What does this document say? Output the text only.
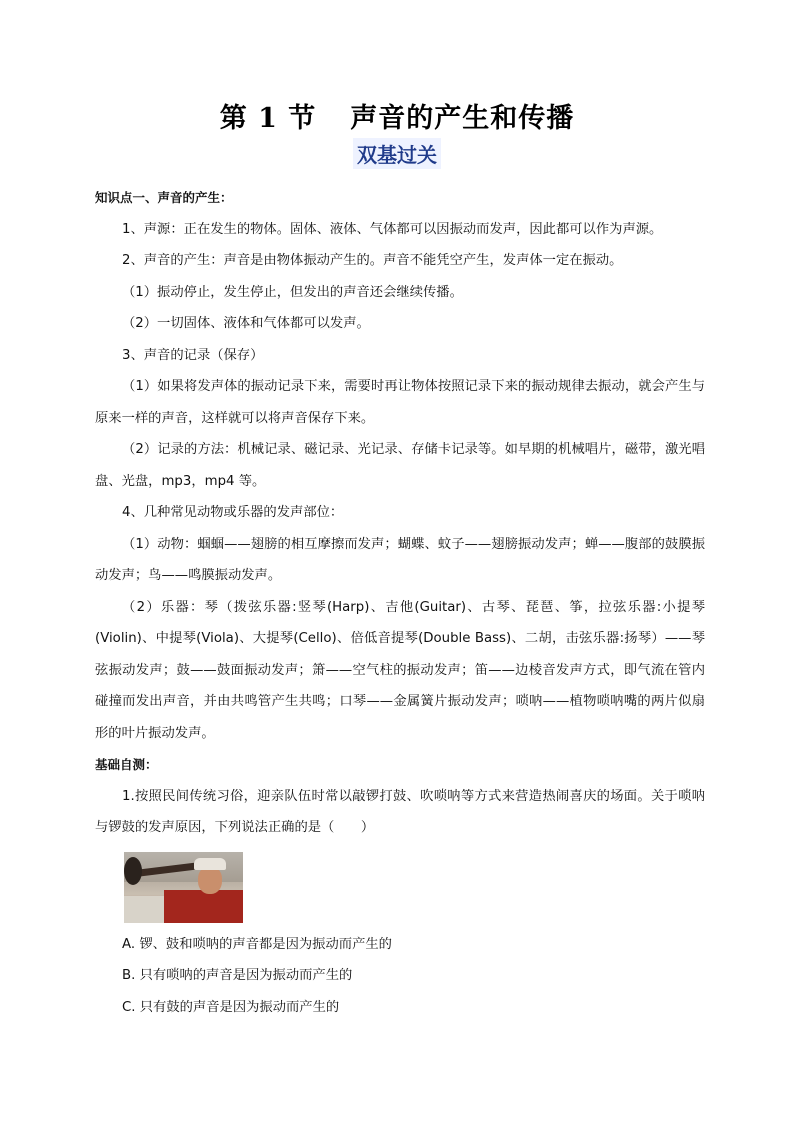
第 1 节 声音的产生和传播
双基过关

知识点一、声音的产生：

1、声源：正在发生的物体。固体、液体、气体都可以因振动而发声，因此都可以作为声源。

2、声音的产生：声音是由物体振动产生的。声音不能凭空产生，发声体一定在振动。

（1）振动停止，发生停止，但发出的声音还会继续传播。

（2）一切固体、液体和气体都可以发声。

3、声音的记录（保存）

（1）如果将发声体的振动记录下来，需要时再让物体按照记录下来的振动规律去振动，就会产生与原来一样的声音，这样就可以将声音保存下来。

（2）记录的方法：机械记录、磁记录、光记录、存储卡记录等。如早期的机械唱片，磁带，激光唱盘、光盘，mp3，mp4 等。

4、几种常见动物或乐器的发声部位：

（1）动物：蝈蝈——翅膀的相互摩擦而发声；蝴蝶、蚊子——翅膀振动发声；蝉——腹部的鼓膜振动发声；鸟——鸣膜振动发声。

（2）乐器：琴（拨弦乐器:竖琴(Harp)、吉他(Guitar)、古琴、琵琶、筝，拉弦乐器:小提琴(Violin)、中提琴(Viola)、大提琴(Cello)、倍低音提琴(Double Bass)、二胡，击弦乐器:扬琴）——琴弦振动发声；鼓——鼓面振动发声；箫——空气柱的振动发声；笛——边棱音发声方式，即气流在管内碰撞而发出声音，并由共鸣管产生共鸣；口琴——金属簧片振动发声；唢呐——植物唢呐嘴的两片似扇形的叶片振动发声。

基础自测：

1.按照民间传统习俗，迎亲队伍时常以敲锣打鼓、吹唢呐等方式来营造热闹喜庆的场面。关于唢呐与锣鼓的发声原因，下列说法正确的是（　　）

A. 锣、鼓和唢呐的声音都是因为振动而产生的

B. 只有唢呐的声音是因为振动而产生的

C. 只有鼓的声音是因为振动而产生的
